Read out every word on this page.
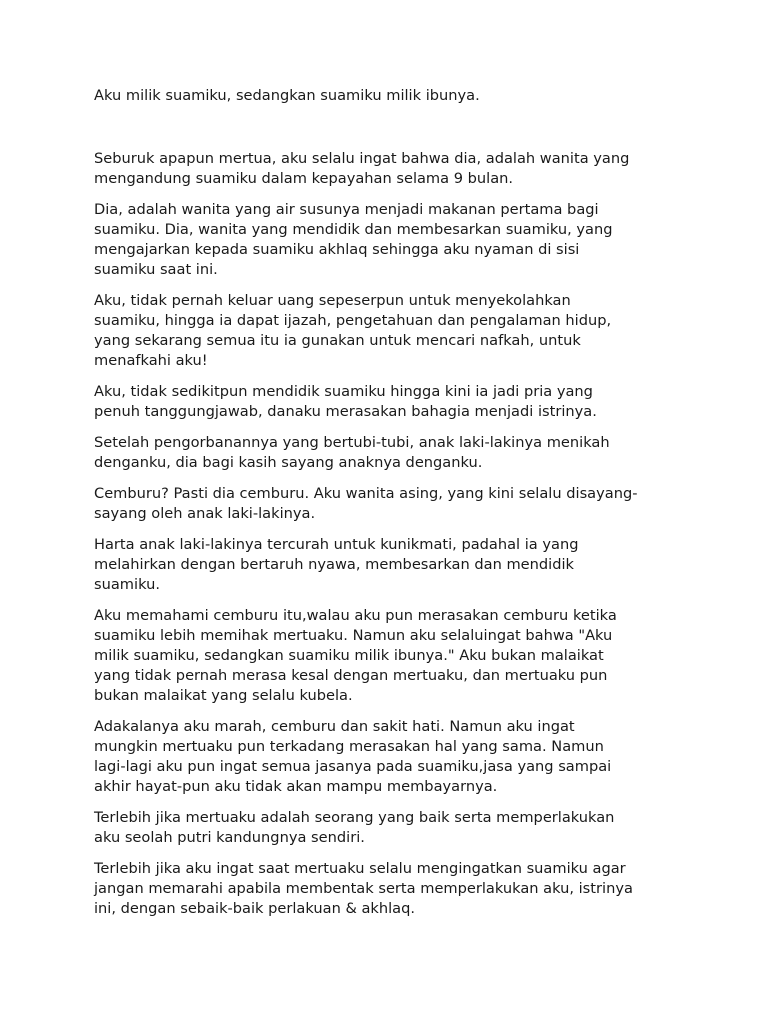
Aku milik suamiku, sedangkan suamiku milik ibunya.

Seburuk apapun mertua, aku selalu ingat bahwa dia, adalah wanita yang
mengandung suamiku dalam kepayahan selama 9 bulan.

Dia, adalah wanita yang air susunya menjadi makanan pertama bagi
suamiku. Dia, wanita yang mendidik dan membesarkan suamiku, yang
mengajarkan kepada suamiku akhlaq sehingga aku nyaman di sisi
suamiku saat ini.

Aku, tidak pernah keluar uang sepeserpun untuk menyekolahkan
suamiku, hingga ia dapat ijazah, pengetahuan dan pengalaman hidup,
yang sekarang semua itu ia gunakan untuk mencari nafkah, untuk
menafkahi aku!

Aku, tidak sedikitpun mendidik suamiku hingga kini ia jadi pria yang
penuh tanggungjawab, danaku merasakan bahagia menjadi istrinya.

Setelah pengorbanannya yang bertubi-tubi, anak laki-lakinya menikah
denganku, dia bagi kasih sayang anaknya denganku.

Cemburu? Pasti dia cemburu. Aku wanita asing, yang kini selalu disayang-
sayang oleh anak laki-lakinya.

Harta anak laki-lakinya tercurah untuk kunikmati, padahal ia yang
melahirkan dengan bertaruh nyawa, membesarkan dan mendidik
suamiku.

Aku memahami cemburu itu,walau aku pun merasakan cemburu ketika
suamiku lebih memihak mertuaku. Namun aku selaluingat bahwa "Aku
milik suamiku, sedangkan suamiku milik ibunya." Aku bukan malaikat
yang tidak pernah merasa kesal dengan mertuaku, dan mertuaku pun
bukan malaikat yang selalu kubela.

Adakalanya aku marah, cemburu dan sakit hati. Namun aku ingat
mungkin mertuaku pun terkadang merasakan hal yang sama. Namun
lagi-lagi aku pun ingat semua jasanya pada suamiku,jasa yang sampai
akhir hayat-pun aku tidak akan mampu membayarnya.

Terlebih jika mertuaku adalah seorang yang baik serta memperlakukan
aku seolah putri kandungnya sendiri.

Terlebih jika aku ingat saat mertuaku selalu mengingatkan suamiku agar
jangan memarahi apabila membentak serta memperlakukan aku, istrinya
ini, dengan sebaik-baik perlakuan & akhlaq.
